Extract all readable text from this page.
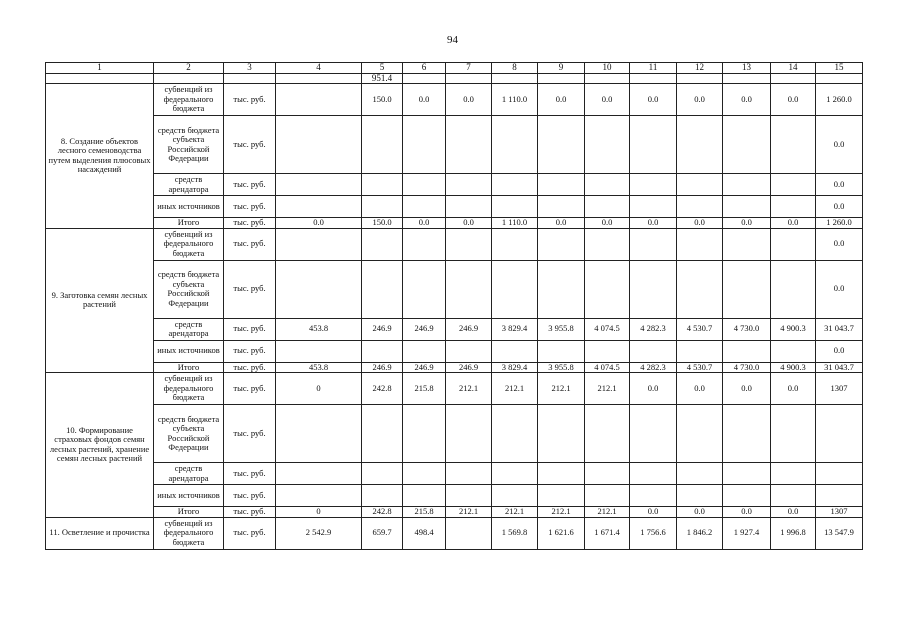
94
1	2	3	4	5	6	7	8	9	10	11	12	13	14	15
				951.4										
8. Создание объектов лесного семеноводства путем выделения плюсовых насаждений	субвенций из федерального бюджета	тыс. руб.		150.0	0.0	0.0	1 110.0	0.0	0.0	0.0	0.0	0.0	0.0	1 260.0
	средств бюджета субъекта Российской Федерации	тыс. руб.												0.0
	средств арендатора	тыс. руб.												0.0
	иных источников	тыс. руб.												0.0
	Итого	тыс. руб.	0.0	150.0	0.0	0.0	1 110.0	0.0	0.0	0.0	0.0	0.0	0.0	1 260.0
9. Заготовка семян лесных растений	субвенций из федерального бюджета	тыс. руб.												0.0
	средств бюджета субъекта Российской Федерации	тыс. руб.												0.0
	средств арендатора	тыс. руб.	453.8	246.9	246.9	246.9	3 829.4	3 955.8	4 074.5	4 282.3	4 530.7	4 730.0	4 900.3	31 043.7
	иных источников	тыс. руб.												0.0
	Итого	тыс. руб.	453.8	246.9	246.9	246.9	3 829.4	3 955.8	4 074.5	4 282.3	4 530.7	4 730.0	4 900.3	31 043.7
10. Формирование страховых фондов семян лесных растений, хранение семян лесных растений	субвенций из федерального бюджета	тыс. руб.	0	242.8	215.8	212.1	212.1	212.1	212.1	0.0	0.0	0.0	0.0	1307
	средств бюджета субъекта Российской Федерации	тыс. руб.												
	средств арендатора	тыс. руб.												
	иных источников	тыс. руб.												
	Итого	тыс. руб.	0	242.8	215.8	212.1	212.1	212.1	212.1	0.0	0.0	0.0	0.0	1307
11. Осветление и прочистка	субвенций из федерального бюджета	тыс. руб.	2 542.9	659.7	498.4		1 569.8	1 621.6	1 671.4	1 756.6	1 846.2	1 927.4	1 996.8	13 547.9
